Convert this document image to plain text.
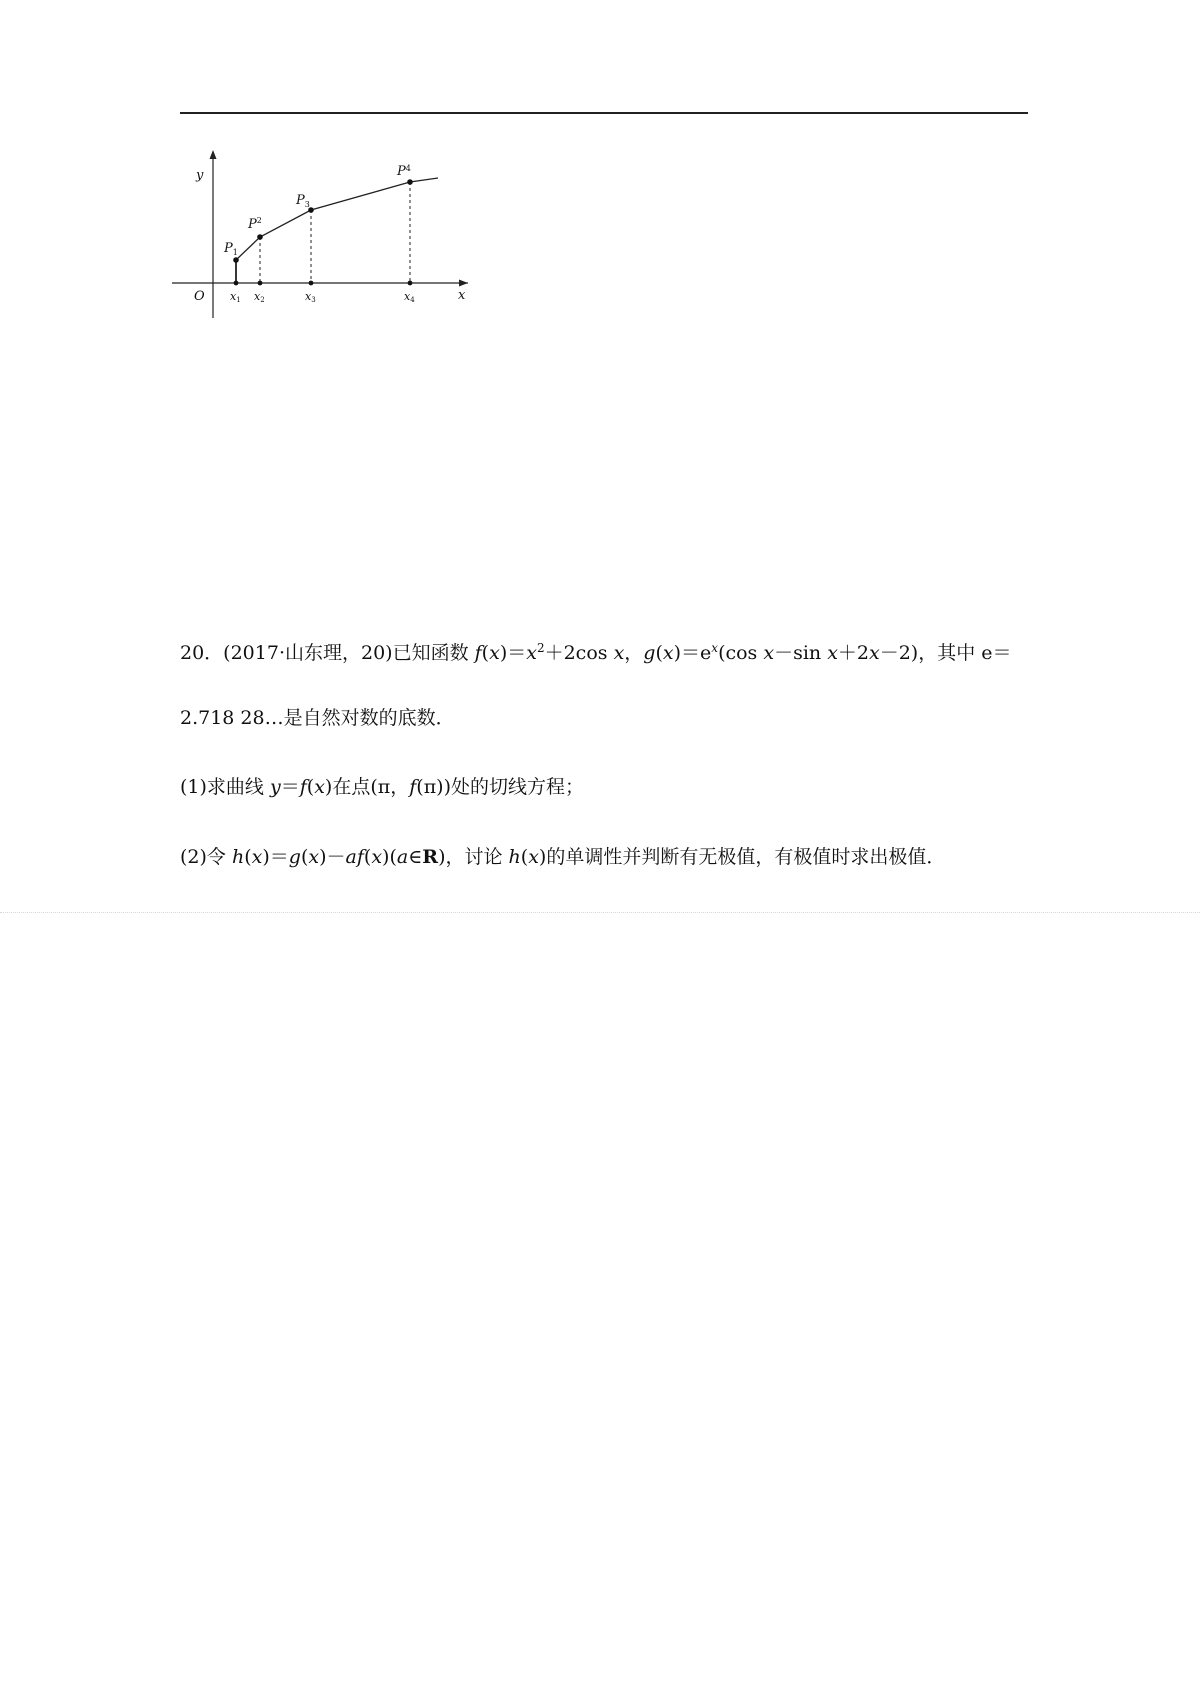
y
x
O
$P_1$
$P^2$
$P_3$
$P^4$
x1 x2	x3	x4
20．(2017·山东理，20)已知函数 $f(x)=x^2+2\cos$ x，$g(x)=e^x(\cos$ x－sin x＋2x－2)，其中 e＝
2.718 28…是自然对数的底数．
(1)求曲线 y＝f(x)在点(π，f(π))处的切线方程；
(2)令 h(x)＝g(x)－af(x)(a∈R)，讨论 h(x)的单调性并判断有无极值，有极值时求出极值．
